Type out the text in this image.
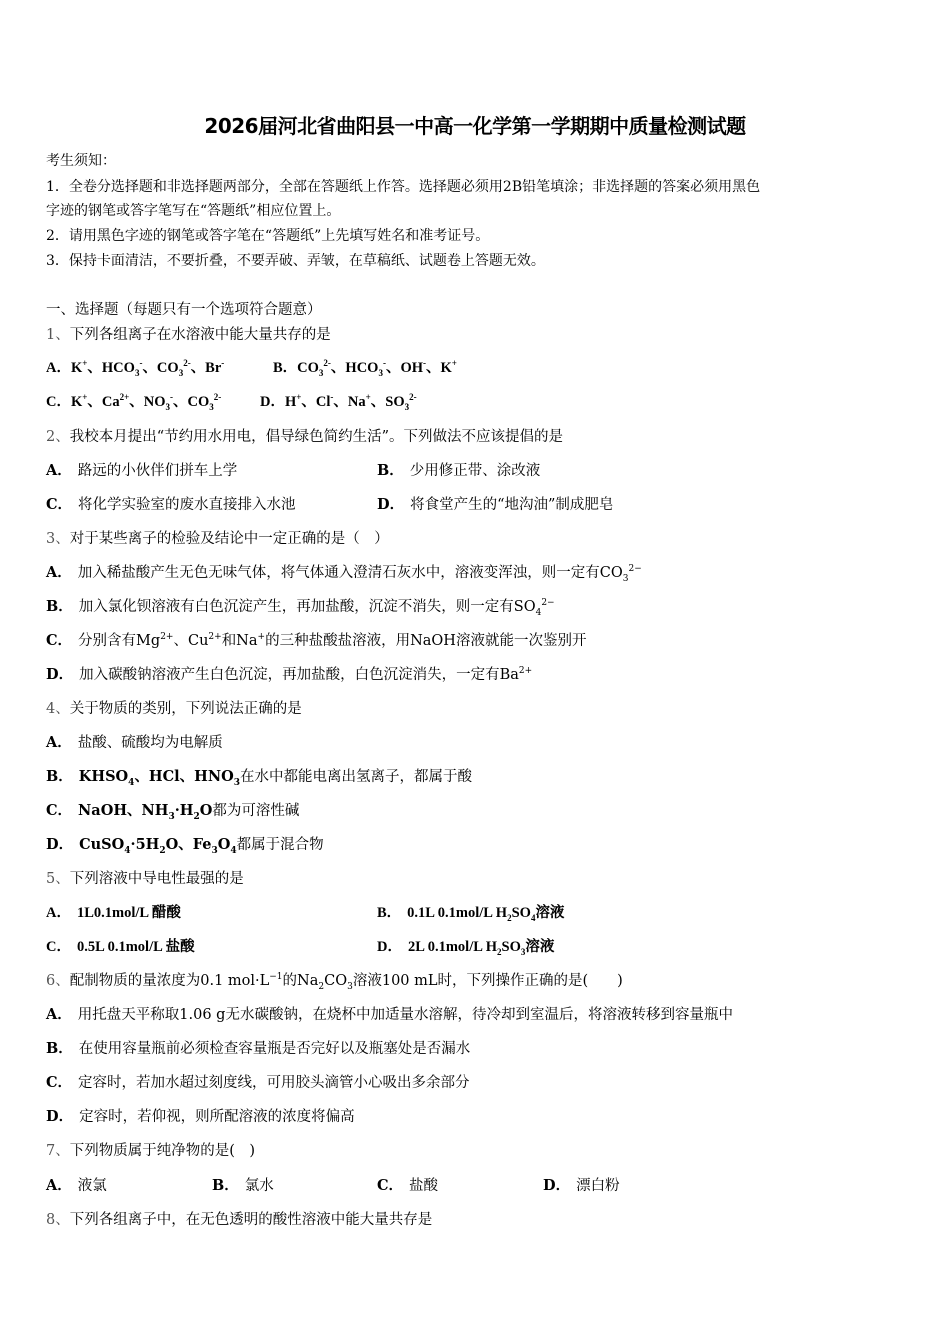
2026届河北省曲阳县一中高一化学第一学期期中质量检测试题
考生须知：
1．全卷分选择题和非选择题两部分，全部在答题纸上作答。选择题必须用2B铅笔填涂；非选择题的答案必须用黑色
字迹的钢笔或答字笔写在“答题纸”相应位置上。
2．请用黑色字迹的钢笔或答字笔在“答题纸”上先填写姓名和准考证号。
3．保持卡面清洁，不要折叠，不要弄破、弄皱，在草稿纸、试题卷上答题无效。
一、选择题（每题只有一个选项符合题意）
1、下列各组离子在水溶液中能大量共存的是
A．K+、$HCO_3^-$、$CO_3^{2-}$、Br-	B．$CO_3^{2-}$、$HCO_3^-$、OH-、K+
C．K+、$Ca^{2+}$、$NO_3^-$、$CO_3^{2-}$	D．H+、Cl-、Na+、$SO_3^{2-}$
2、我校本月提出“节约用水用电，倡导绿色简约生活”。下列做法不应该提倡的是
A． 路远的小伙伴们拼车上学	B． 少用修正带、涂改液
C． 将化学实验室的废水直接排入水池	D． 将食堂产生的“地沟油”制成肥皂
3、对于某些离子的检验及结论中一定正确的是（　）
A． 加入稀盐酸产生无色无味气体，将气体通入澄清石灰水中，溶液变浑浊，则一定有$CO_3^{2-}$
B． 加入氯化钡溶液有白色沉淀产生，再加盐酸，沉淀不消失，则一定有$SO_4^{2-}$
C． 分别含有$Mg^{2+}$、$Cu^{2+}$和Na+的三种盐酸盐溶液，用NaOH溶液就能一次鉴别开
D． 加入碳酸钠溶液产生白色沉淀，再加盐酸，白色沉淀消失，一定有$Ba^{2+}$
4、关于物质的类别，下列说法正确的是
A． 盐酸、硫酸均为电解质
B． $KHSO_4$、HCl、$HNO_3$在水中都能电离出氢离子，都属于酸
C． NaOH、$NH_3\cdot H_2O$都为可溶性碱
D． $CuSO_4\cdot 5H_2O$、$Fe_3O_4$都属于混合物
5、下列溶液中导电性最强的是
A． 1L0.1mol/L 醋酸	B． 0.1L 0.1mol/L $H_2SO_4$溶液
C． 0.5L 0.1mol/L 盐酸	D． 2L 0.1mol/L $H_2SO_3$溶液
6、配制物质的量浓度为0.1 $mol\cdot L^{-1}$的$Na_2CO_3$溶液100 mL时，下列操作正确的是(　　)
A． 用托盘天平称取1.06 g无水碳酸钠，在烧杯中加适量水溶解，待冷却到室温后，将溶液转移到容量瓶中
B． 在使用容量瓶前必须检查容量瓶是否完好以及瓶塞处是否漏水
C． 定容时，若加水超过刻度线，可用胶头滴管小心吸出多余部分
D． 定容时，若仰视，则所配溶液的浓度将偏高
7、下列物质属于纯净物的是(　)
A． 液氯	B． 氯水	C． 盐酸	D． 漂白粉
8、下列各组离子中，在无色透明的酸性溶液中能大量共存是
